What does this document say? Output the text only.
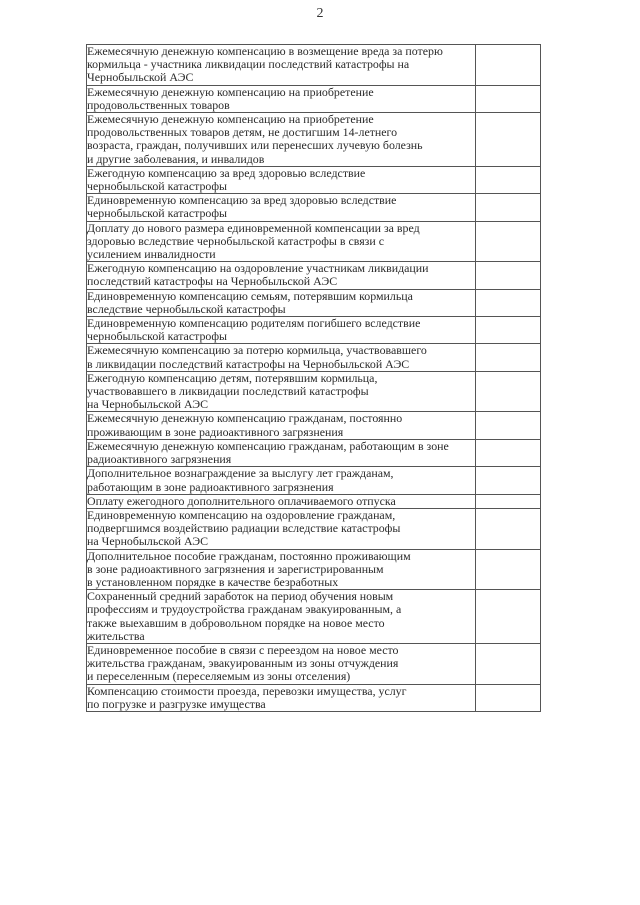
2
Ежемесячную денежную компенсацию в возмещение вреда за потерю
кормильца - участника ликвидации последствий катастрофы на
Чернобыльской АЭС	

Ежемесячную денежную компенсацию на приобретение
продовольственных товаров	

Ежемесячную денежную компенсацию на приобретение
продовольственных товаров детям, не достигшим 14-летнего
возраста, граждан, получивших или перенесших лучевую болезнь
и другие заболевания, и инвалидов	

Ежегодную компенсацию за вред здоровью вследствие
чернобыльской катастрофы	

Единовременную компенсацию за вред здоровью вследствие
чернобыльской катастрофы	

Доплату до нового размера единовременной компенсации за вред
здоровью вследствие чернобыльской катастрофы в связи с
усилением инвалидности	

Ежегодную компенсацию на оздоровление участникам ликвидации
последствий катастрофы на Чернобыльской АЭС	

Единовременную компенсацию семьям, потерявшим кормильца
вследствие чернобыльской катастрофы	

Единовременную компенсацию родителям погибшего вследствие
чернобыльской катастрофы	

Ежемесячную компенсацию за потерю кормильца, участвовавшего
в ликвидации последствий катастрофы на Чернобыльской АЭС	

Ежегодную компенсацию детям, потерявшим кормильца,
участвовавшего в ликвидации последствий катастрофы
на Чернобыльской АЭС	

Ежемесячную денежную компенсацию гражданам, постоянно
проживающим в зоне радиоактивного загрязнения	

Ежемесячную денежную компенсацию гражданам, работающим в зоне
радиоактивного загрязнения	

Дополнительное вознаграждение за выслугу лет гражданам,
работающим в зоне радиоактивного загрязнения	

Оплату ежегодного дополнительного оплачиваемого отпуска	

Единовременную компенсацию на оздоровление гражданам,
подвергшимся воздействию радиации вследствие катастрофы
на Чернобыльской АЭС	

Дополнительное пособие гражданам, постоянно проживающим
в зоне радиоактивного загрязнения и зарегистрированным
в установленном порядке в качестве безработных	

Сохраненный средний заработок на период обучения новым
профессиям и трудоустройства гражданам эвакуированным, а
также выехавшим в добровольном порядке на новое место
жительства	

Единовременное пособие в связи с переездом на новое место
жительства гражданам, эвакуированным из зоны отчуждения
и переселенным (переселяемым из зоны отселения)	

Компенсацию стоимости проезда, перевозки имущества, услуг
по погрузке и разгрузке имущества	
